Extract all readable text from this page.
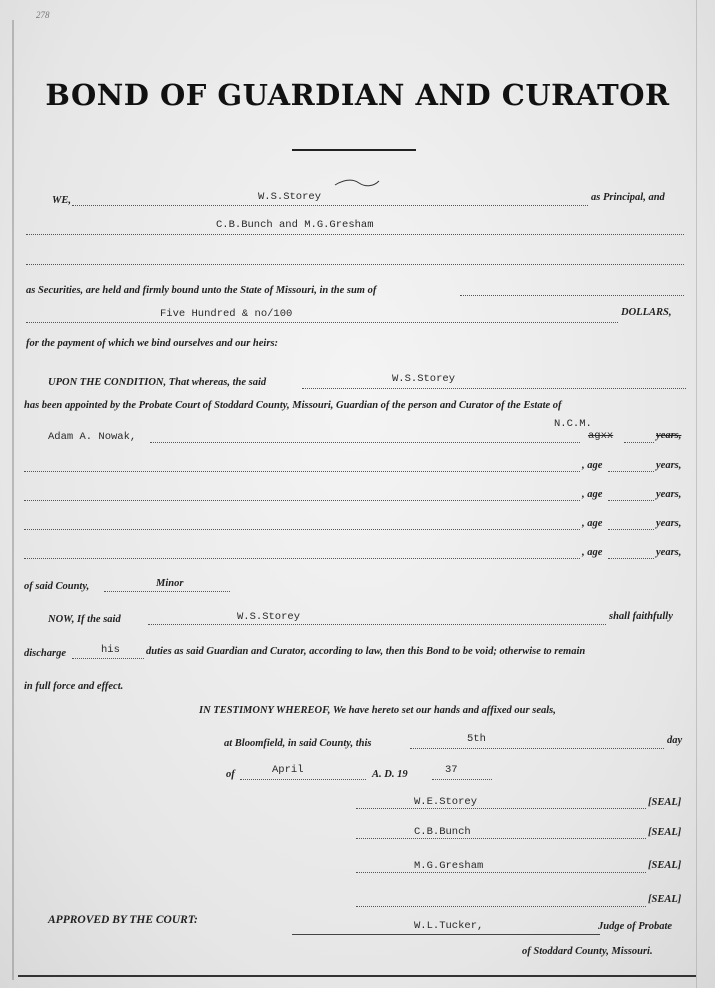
278
BOND OF GUARDIAN AND CURATOR
WE,	W.S.Storey	as Principal, and
C.B.Bunch and M.G.Gresham
as Securities, are held and firmly bound unto the State of Missouri, in the sum of
Five Hundred & no/100	DOLLARS,
for the payment of which we bind ourselves and our heirs:
UPON THE CONDITION, That whereas, the said	W.S.Storey
has been appointed by the Probate Court of Stoddard County, Missouri, Guardian of the person and Curator of the Estate of
N.C.M.
Adam A. Nowak,	agxx	years,
, age	years,
, age	years,
, age	years,
, age	years,
of said County,	Minor
NOW, If the said	W.S.Storey	shall faithfully
discharge	his duties as said Guardian and Curator, according to law, then this Bond to be void; otherwise to remain
in full force and effect.
IN TESTIMONY WHEREOF, We have hereto set our hands and affixed our seals,
at Bloomfield, in said County, this	5th	day
of	April	A. D. 19	37
W.E.Storey	[SEAL]
C.B.Bunch	[SEAL]
M.G.Gresham	[SEAL]
[SEAL]
APPROVED BY THE COURT:	W.L.Tucker,	Judge of Probate
of Stoddard County, Missouri.
